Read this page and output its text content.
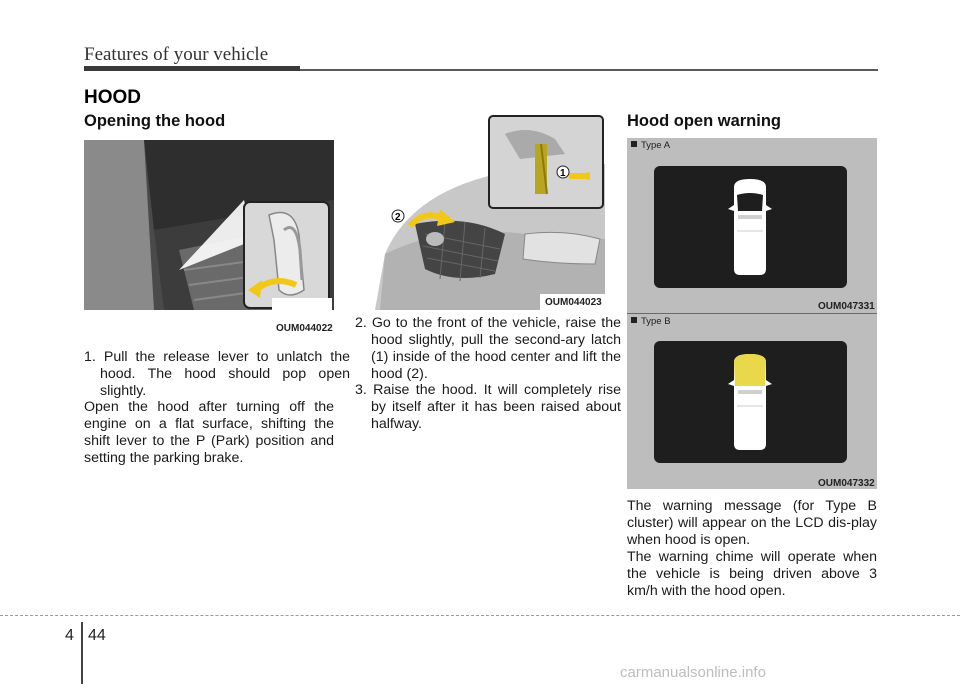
Features of your vehicle
HOOD
Opening the hood
OUM044022

1. Pull the release lever to unlatch the hood. The hood should pop open slightly.

Open the hood after turning off the engine on a flat surface, shifting the shift lever to the P (Park) position and setting the parking brake.

1
2
OUM044023

2. Go to the front of the vehicle, raise the hood slightly, pull the second-ary latch (1) inside of the hood center and lift the hood (2).

3. Raise the hood. It will completely rise by itself after it has been raised about halfway.

Hood open warning
Type A
OUM047331
Type B
OUM047332

The warning message (for Type B cluster) will appear on the LCD dis-play when hood is open.

The warning chime will operate when the vehicle is being driven above 3 km/h with the hood open.

4 44
carmanualsonline.info
